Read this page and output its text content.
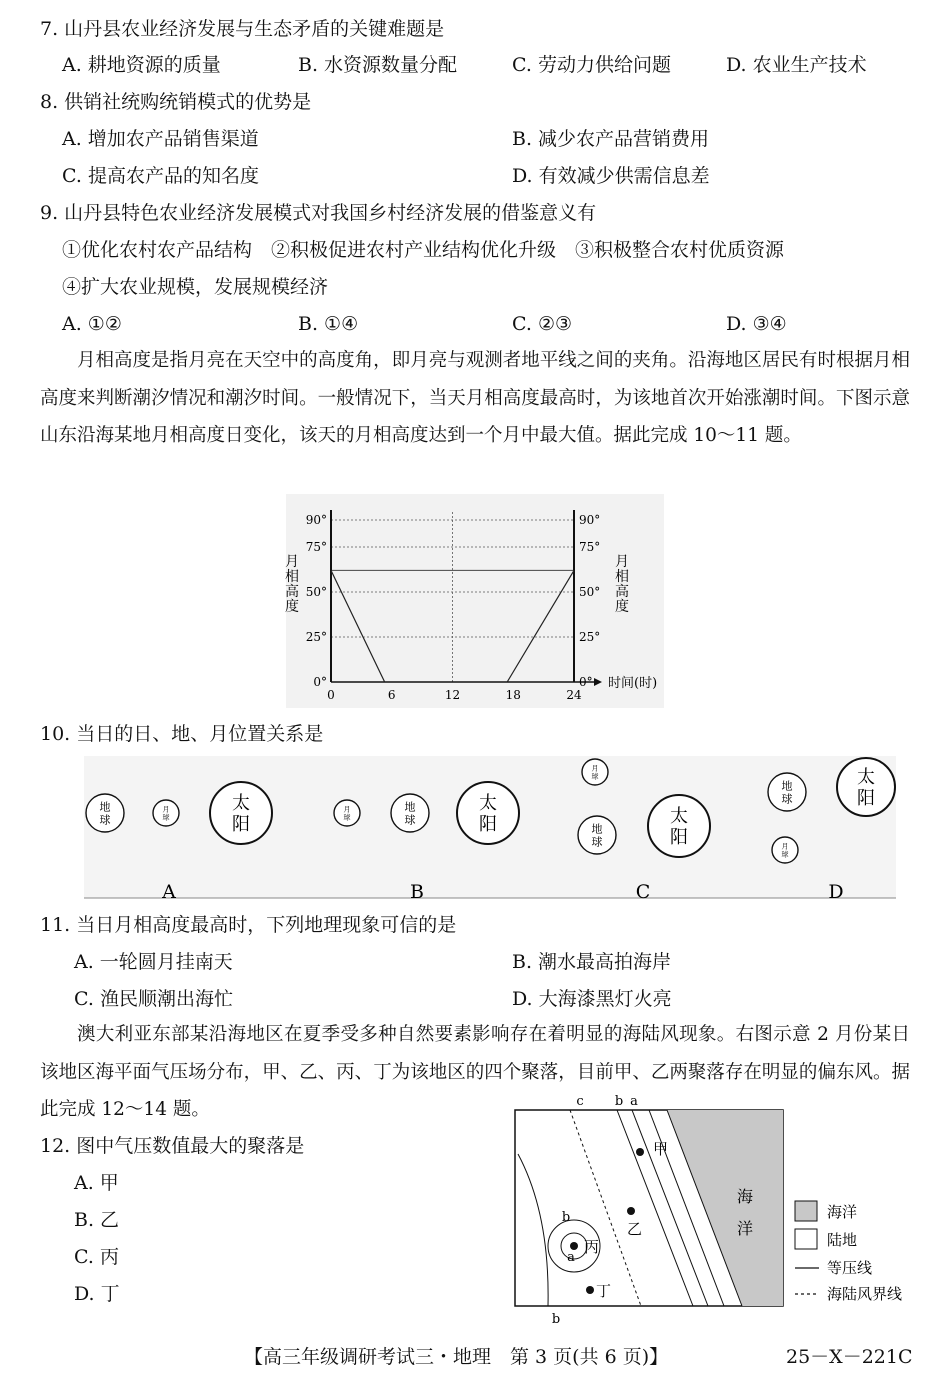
7. 山丹县农业经济发展与生态矛盾的关键难题是
A. 耕地资源的质量	B. 水资源数量分配	C. 劳动力供给问题	D. 农业生产技术
8. 供销社统购统销模式的优势是
A. 增加农产品销售渠道	B. 减少农产品营销费用
C. 提高农产品的知名度	D. 有效减少供需信息差
9. 山丹县特色农业经济发展模式对我国乡村经济发展的借鉴意义有
①优化农村农产品结构　②积极促进农村产业结构优化升级　③积极整合农村优质资源
④扩大农业规模，发展规模经济
A. ①②	B. ①④	C. ②③	D. ③④
月相高度是指月亮在天空中的高度角，即月亮与观测者地平线之间的夹角。沿海地区居民有时根据月相高度来判断潮汐情况和潮汐时间。一般情况下，当天月相高度最高时，为该地首次开始涨潮时间。下图示意山东沿海某地月相高度日变化，该天的月相高度达到一个月中最大值。据此完成 10～11 题。
0°	0°
25°	25°
50°	50°
75°	75°
90°	90°
0	6	12	18	24
时间(时)
月
相
高
度
月
相
高
度
10. 当日的日、地、月位置关系是
地
球
月
球
太
阳
月
球
地
球
太
阳
月
球
地
球
太
阳
地
球
月
球
太
阳
A	B	C	D
11. 当日月相高度最高时，下列地理现象可信的是
A. 一轮圆月挂南天	B. 潮水最高拍海岸
C. 渔民顺潮出海忙	D. 大海漆黑灯火亮
澳大利亚东部某沿海地区在夏季受多种自然要素影响存在着明显的海陆风现象。右图示意 2 月份某日该地区海平面气压场分布，甲、乙、丙、丁为该地区的四个聚落，目前甲、乙两聚落存在明显的偏东风。据此完成 12～14 题。
12. 图中气压数值最大的聚落是
A. 甲
B. 乙
C. 丙
D. 丁
c b a
b
a
b
甲
乙
丙
丁
海
洋
海洋
陆地
等压线
海陆风界线
【高三年级调研考试三・地理　第 3 页(共 6 页)】	25－X－221C
